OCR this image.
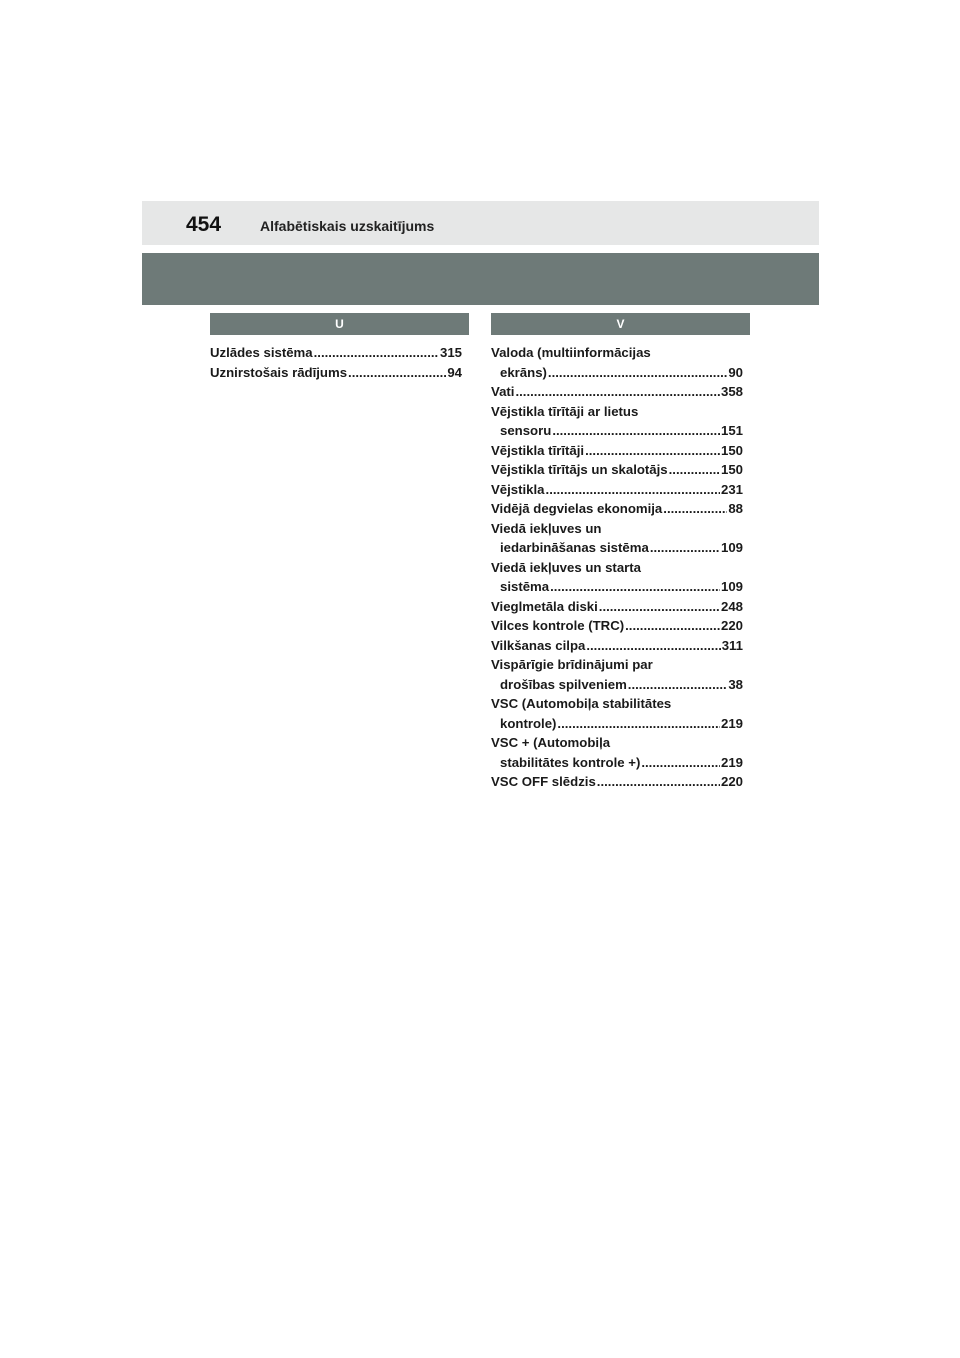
454	Alfabētiskais uzskaitījums
U
Uzlādes sistēma .....	315
Uznirstošais rādījums .....	94
V
Valoda (multiinformācijas
ekrāns) .....	90
Vati .....	358
Vējstikla tīrītāji ar lietus
sensoru .....	151
Vējstikla tīrītāji .....	150
Vējstikla tīrītājs un skalotājs .....	150
Vējstikla .....	231
Vidējā degvielas ekonomija .....	88
Viedā iekļuves un
iedarbināšanas sistēma .....	109
Viedā iekļuves un starta
sistēma .....	109
Vieglmetāla diski .....	248
Vilces kontrole (TRC) .....	220
Vilkšanas cilpa .....	311
Vispārīgie brīdinājumi par
drošības spilveniem .....	38
VSC (Automobiļa stabilitātes
kontrole) .....	219
VSC + (Automobiļa
stabilitātes kontrole +) .....	219
VSC OFF slēdzis .....	220
